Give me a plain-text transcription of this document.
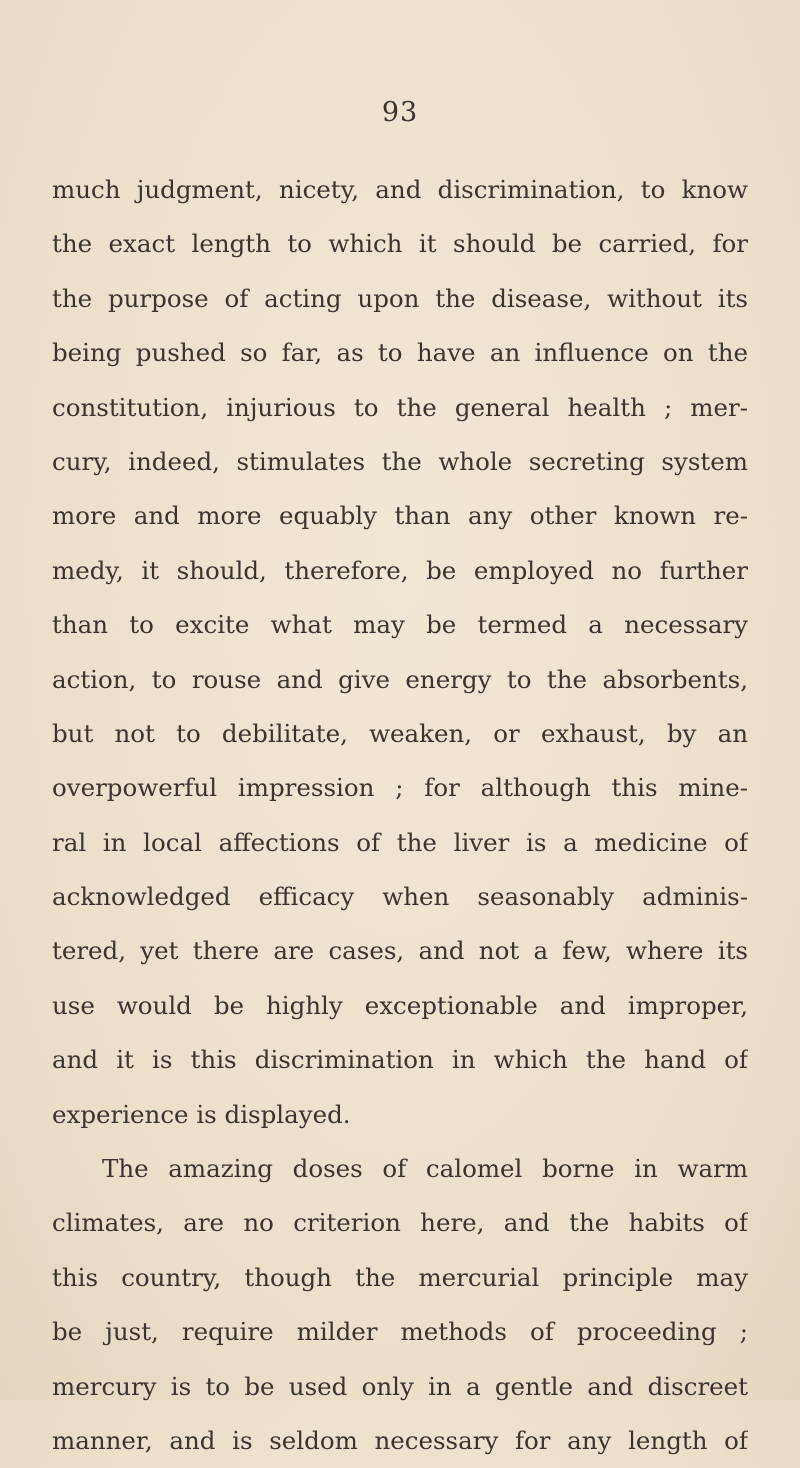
93
much judgment, nicety, and discrimination, to know
the exact length to which it should be carried, for
the purpose of acting upon the disease, without its
being pushed so far, as to have an influence on the
constitution, injurious to the general health ; mer-
cury, indeed, stimulates the whole secreting system
more and more equably than any other known re-
medy, it should, therefore, be employed no further
than to excite what may be termed a necessary
action, to rouse and give energy to the absorbents,
but not to debilitate, weaken, or exhaust, by an
overpowerful impression ; for although this mine-
ral in local affections of the liver is a medicine of
acknowledged efficacy when seasonably adminis-
tered, yet there are cases, and not a few, where its
use would be highly exceptionable and improper,
and it is this discrimination in which the hand of
experience is displayed.
The amazing doses of calomel borne in warm
climates, are no criterion here, and the habits of
this country, though the mercurial principle may
be just, require milder methods of proceeding ;
mercury is to be used only in a gentle and discreet
manner, and is seldom necessary for any length of
